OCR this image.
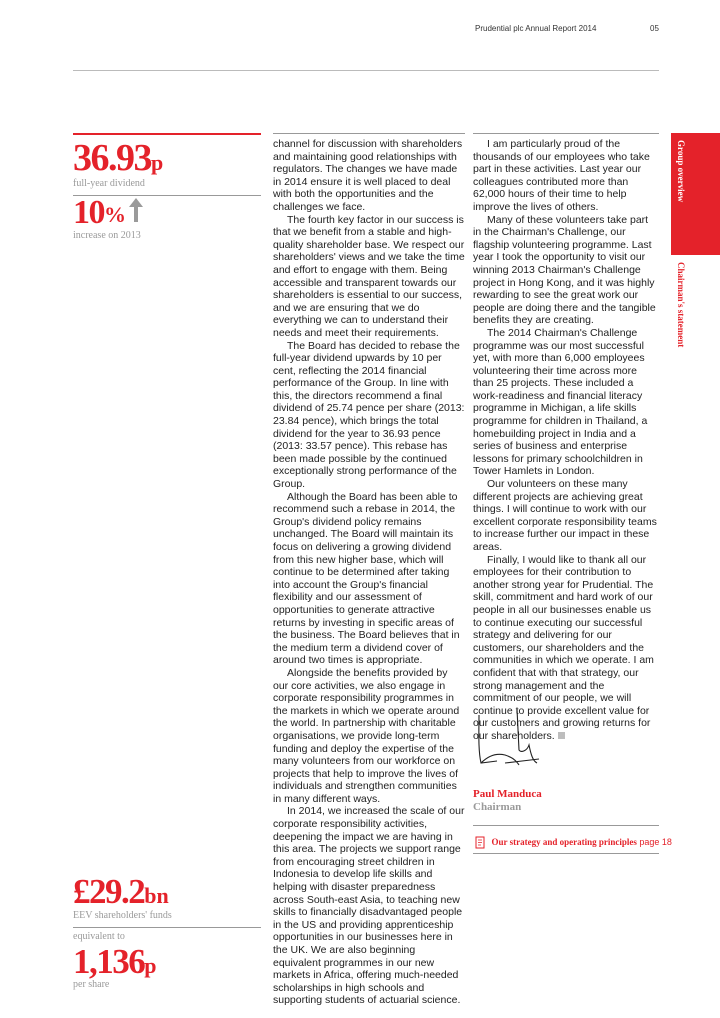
Prudential plc Annual Report 2014	05
36.93p
full-year dividend
10 %
increase on 2013
£29.2bn
EEV shareholders' funds
equivalent to
1,136p
per share

channel for discussion with shareholders and maintaining good relationships with regulators. The changes we have made in 2014 ensure it is well placed to deal with both the opportunities and the challenges we face.

The fourth key factor in our success is that we benefit from a stable and high-quality shareholder base. We respect our shareholders' views and we take the time and effort to engage with them. Being accessible and transparent towards our shareholders is essential to our success, and we are ensuring that we do everything we can to understand their needs and meet their requirements.

The Board has decided to rebase the full-year dividend upwards by 10 per cent, reflecting the 2014 financial performance of the Group. In line with this, the directors recommend a final dividend of 25.74 pence per share (2013: 23.84 pence), which brings the total dividend for the year to 36.93 pence (2013: 33.57 pence). This rebase has been made possible by the continued exceptionally strong performance of the Group.

Although the Board has been able to recommend such a rebase in 2014, the Group's dividend policy remains unchanged. The Board will maintain its focus on delivering a growing dividend from this new higher base, which will continue to be determined after taking into account the Group's financial flexibility and our assessment of opportunities to generate attractive returns by investing in specific areas of the business. The Board believes that in the medium term a dividend cover of around two times is appropriate.

Alongside the benefits provided by our core activities, we also engage in corporate responsibility programmes in the markets in which we operate around the world. In partnership with charitable organisations, we provide long-term funding and deploy the expertise of the many volunteers from our workforce on projects that help to improve the lives of individuals and strengthen communities in many different ways.

In 2014, we increased the scale of our corporate responsibility activities, deepening the impact we are having in this area. The projects we support range from encouraging street children in Indonesia to develop life skills and helping with disaster preparedness across South-east Asia, to teaching new skills to financially disadvantaged people in the US and providing apprenticeship opportunities in our businesses here in the UK. We are also beginning equivalent programmes in our new markets in Africa, offering much-needed scholarships in high schools and supporting students of actuarial science.

I am particularly proud of the thousands of our employees who take part in these activities. Last year our colleagues contributed more than 62,000 hours of their time to help improve the lives of others.

Many of these volunteers take part in the Chairman's Challenge, our flagship volunteering programme. Last year I took the opportunity to visit our winning 2013 Chairman's Challenge project in Hong Kong, and it was highly rewarding to see the great work our people are doing there and the tangible benefits they are creating.

The 2014 Chairman's Challenge programme was our most successful yet, with more than 6,000 employees volunteering their time across more than 25 projects. These included a work-readiness and financial literacy programme in Michigan, a life skills programme for children in Thailand, a homebuilding project in India and a series of business and enterprise lessons for primary schoolchildren in Tower Hamlets in London.

Our volunteers on these many different projects are achieving great things. I will continue to work with our excellent corporate responsibility teams to increase further our impact in these areas.

Finally, I would like to thank all our employees for their contribution to another strong year for Prudential. The skill, commitment and hard work of our people in all our businesses enable us to continue executing our successful strategy and delivering for our customers, our shareholders and the communities in which we operate. I am confident that with that strategy, our strong management and the commitment of our people, we will continue to provide excellent value for our customers and growing returns for our shareholders.

Paul Manduca
Chairman
Our strategy and operating principles page 18
Group overview
Chairman's statement
